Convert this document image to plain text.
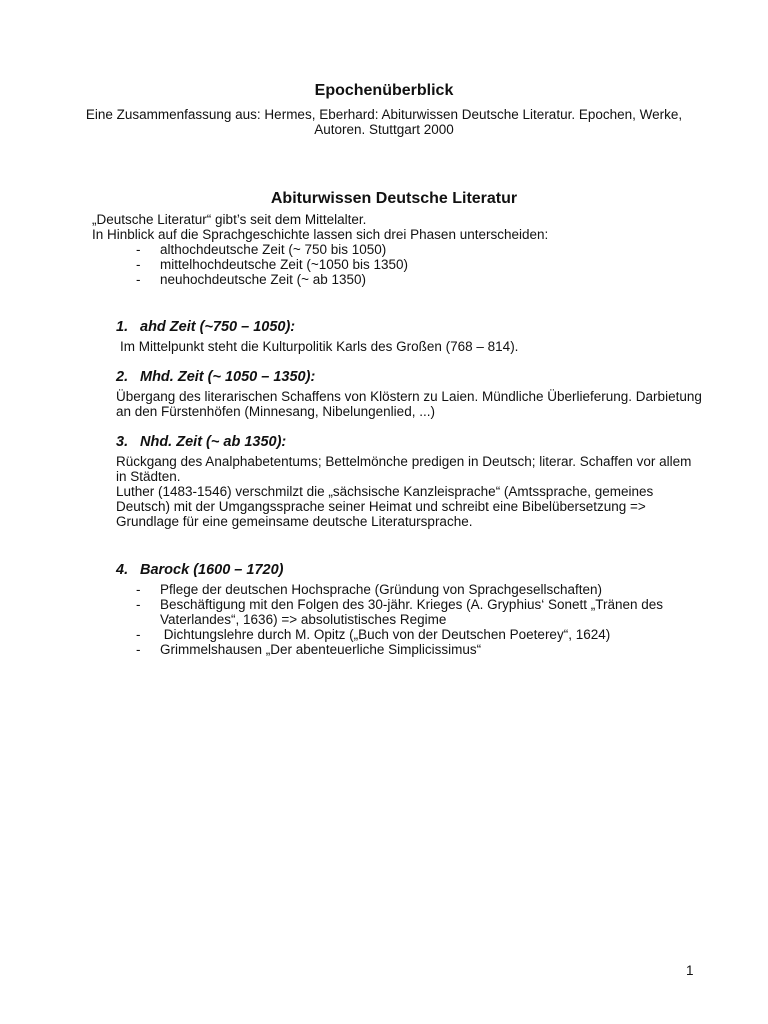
Epochenüberblick
Eine Zusammenfassung aus: Hermes, Eberhard: Abiturwissen Deutsche Literatur. Epochen, Werke, Autoren. Stuttgart 2000
Abiturwissen Deutsche Literatur
„Deutsche Literatur“ gibt’s seit dem Mittelalter.
In Hinblick auf die Sprachgeschichte lassen sich drei Phasen unterscheiden:
- althochdeutsche Zeit (~ 750 bis 1050)
- mittelhochdeutsche Zeit (~1050 bis 1350)
- neuhochdeutsche Zeit (~ ab 1350)
1. ahd Zeit (~750 – 1050):

Im Mittelpunkt steht die Kulturpolitik Karls des Großen (768 – 814).

2. Mhd. Zeit (~ 1050 – 1350):

Übergang des literarischen Schaffens von Klöstern zu Laien. Mündliche Überlieferung. Darbietung an den Fürstenhöfen (Minnesang, Nibelungenlied, ...)

3. Nhd. Zeit (~ ab 1350):

Rückgang des Analphabetentums; Bettelmönche predigen in Deutsch; literar. Schaffen vor allem in Städten.

Luther (1483-1546) verschmilzt die „sächsische Kanzleisprache“ (Amtssprache, gemeines Deutsch) mit der Umgangssprache seiner Heimat und schreibt eine Bibelübersetzung => Grundlage für eine gemeinsame deutsche Literatursprache.

4. Barock (1600 – 1720)
- Pflege der deutschen Hochsprache (Gründung von Sprachgesellschaften)
- Beschäftigung mit den Folgen des 30-jähr. Krieges (A. Gryphius‘ Sonett „Tränen des Vaterlandes“, 1636) => absolutistisches Regime
- Dichtungslehre durch M. Opitz („Buch von der Deutschen Poeterey“, 1624)
- Grimmelshausen „Der abenteuerliche Simplicissimus“
1
